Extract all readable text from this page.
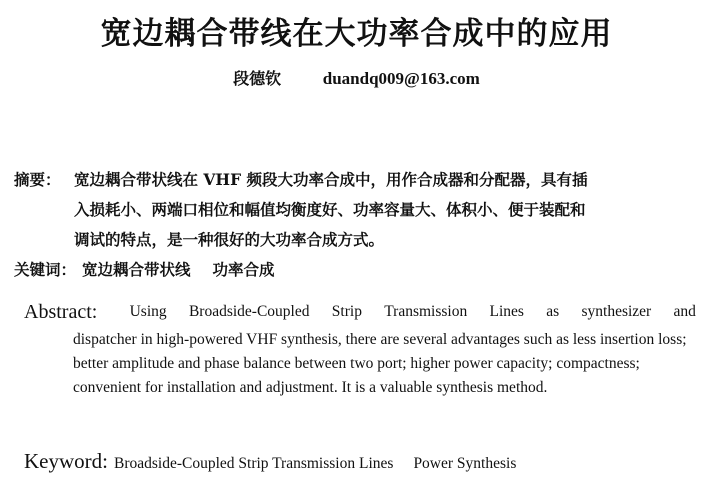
宽边耦合带线在大功率合成中的应用
段德钦 duandq009@163.com
摘要： 宽边耦合带状线在 VHF 频段大功率合成中，用作合成器和分配器，具有插
入损耗小、两端口相位和幅值均衡度好、功率容量大、体积小、便于装配和
调试的特点，是一种很好的大功率合成方式。
关键词： 宽边耦合带状线 功率合成
Abstract: Using Broadside-Coupled Strip Transmission Lines as synthesizer and
dispatcher in high-powered VHF synthesis, there are several advantages such as less insertion loss; better amplitude and phase balance between two port; higher power capacity; compactness; convenient for installation and adjustment. It is a valuable synthesis method.
Keyword: Broadside-Coupled Strip Transmission Lines Power Synthesis
